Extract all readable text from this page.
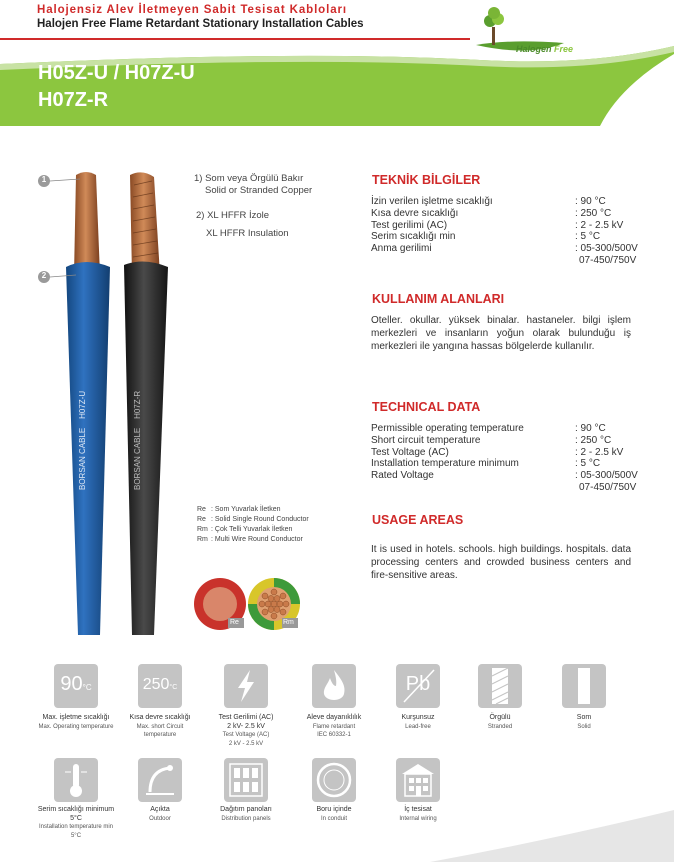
Halojensiz Alev İletmeyen Sabit Tesisat Kabloları
Halojen Free Flame Retardant Stationary Installation Cables
H05Z-U / H07Z-U
H07Z-R
Halogen Free
1
2
BORSAN CABLE    H07Z-U	BORSAN CABLE    H07Z-R
1) Som veya Örgülü Bakır
Solid or Stranded Copper
2) XL HFFR İzole
XL HFFR Insulation
Re : Som Yuvarlak İletken
Re : Solid Single Round Conductor
Rm : Çok Telli Yuvarlak İletken
Rm : Multi Wire Round Conductor
Re	Rm
TEKNİK BİLGİLER
İzin verilen işletme sıcaklığı	: 90 °C
Kısa devre sıcaklığı	: 250 °C
Test gerilimi (AC)	: 2 - 2.5 kV
Serim sıcaklığı min	: 5 °C
Anma gerilimi	: 05-300/500V
07-450/750V
KULLANIM ALANLARI
Oteller. okullar. yüksek binalar. hastaneler. bilgi işlem merkezleri ve insanların yoğun olarak bulunduğu iş merkezleri ile yangına hassas bölgelerde kullanılır.
TECHNICAL DATA
Permissible operating temperature	: 90 °C
Short circuit temperature	: 250 °C
Test Voltage (AC)	: 2 - 2.5 kV
Installation temperature minimum	: 5 °C
Rated Voltage	: 05-300/500V
07-450/750V
USAGE AREAS
It is used in hotels. schools. high buildings. hospitals. data processing centers and crowded business centers and fire-sensitive areas.
90°C
Max. işletme sıcaklığı
Max. Operating temperature
250°C
Kısa devre sıcaklığı
Max. short Circuit temperature
Test Gerilimi (AC)
2 kV- 2.5 kV
Test Voltage (AC)
2 kV - 2.5 kV
Aleve dayanıklılık
Flame retardant
IEC 60332-1
Pb
Kurşunsuz
Lead-free
Örgülü
Stranded
Som
Solid
Serim sıcaklığı minimum 5°C
Installation temperature min 5°C
Açıkta
Outdoor
Dağıtım panoları
Distribution panels
Boru içinde
In conduit
İç tesisat
Internal wiring
